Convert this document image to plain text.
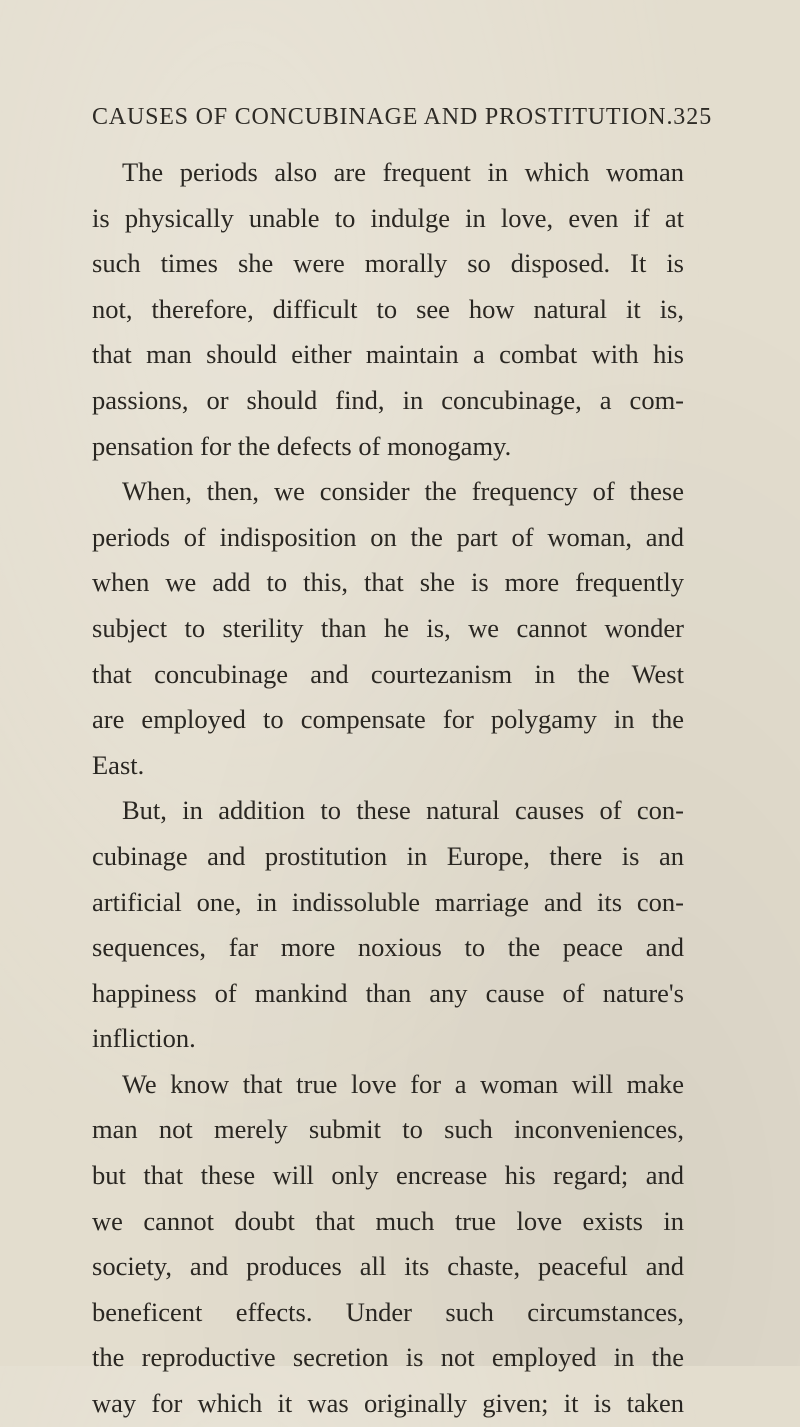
CAUSES OF CONCUBINAGE AND PROSTITUTION. 325
The periods also are frequent in which woman
is physically unable to indulge in love, even if at
such times she were morally so disposed. It is
not, therefore, difficult to see how natural it is,
that man should either maintain a combat with his
passions, or should find, in concubinage, a com-
pensation for the defects of monogamy.
When, then, we consider the frequency of these
periods of indisposition on the part of woman, and
when we add to this, that she is more frequently
subject to sterility than he is, we cannot wonder
that concubinage and courtezanism in the West
are employed to compensate for polygamy in the
East.
But, in addition to these natural causes of con-
cubinage and prostitution in Europe, there is an
artificial one, in indissoluble marriage and its con-
sequences, far more noxious to the peace and
happiness of mankind than any cause of nature's
infliction.
We know that true love for a woman will make
man not merely submit to such inconveniences,
but that these will only encrease his regard; and
we cannot doubt that much true love exists in
society, and produces all its chaste, peaceful and
beneficent effects. Under such circumstances,
the reproductive secretion is not employed in the
way for which it was originally given; it is taken
